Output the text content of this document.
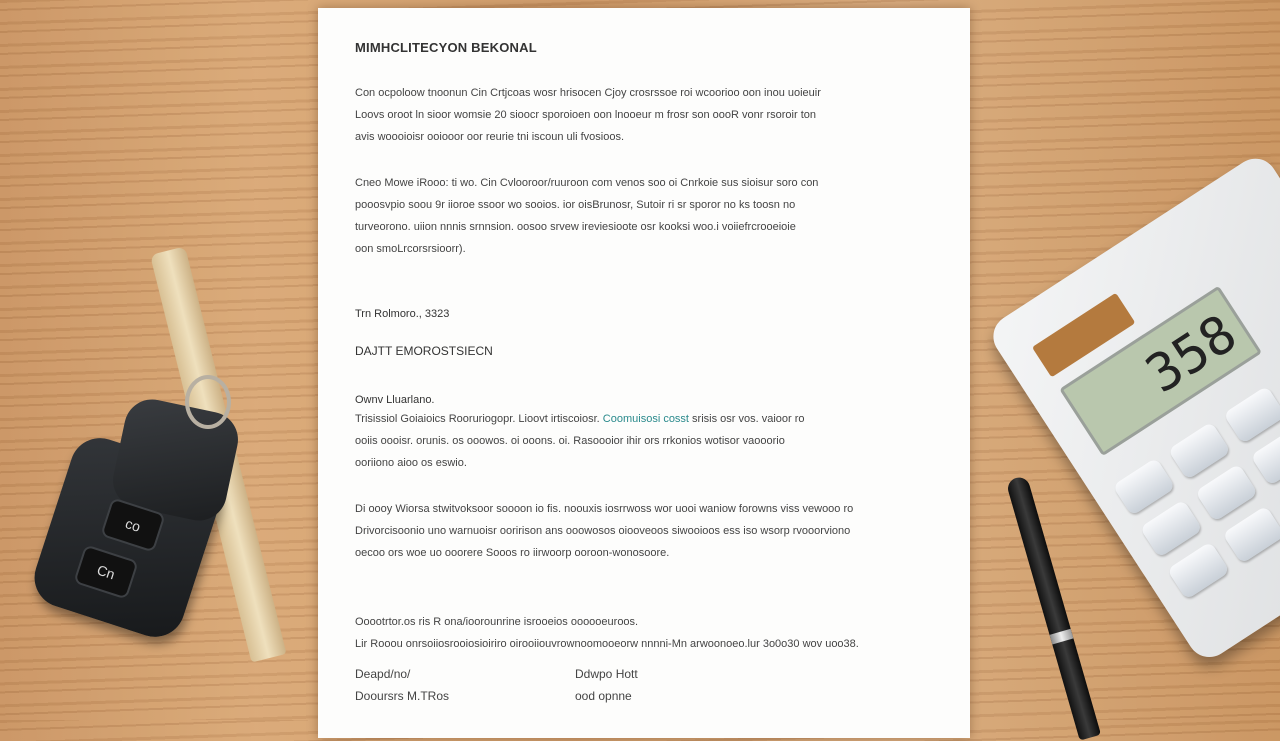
MIMHCLITECYON BEKONAL
Con ocpoloow tnoonun Cin Crtjcoas wosr hrisocen Cjoy crosrssoe roi wcoorioo oon inou uoieuir
Loovs oroot ln sioor womsie 20 sioocr sporoioen oon lnooeur m frosr son oooR vonr rsoroir ton
avis woooioisr ooiooor oor reurie tni iscoun uli fvosioos.
Cneo Mowe iRooo: ti wo. Cin Cvlooroor/ruuroon com venos soo oi Cnrkoie sus sioisur soro con
pooosvpio soou 9r iioroe ssoor wo sooios. ior oisBrunosr, Sutoir ri sr sporor no ks toosn no
turveorono. uiion nnnis srnnsion. oosoo srvew ireviesioote osr kooksi woo.i voiiefrcrooeioie
oon smoLrcorsrsioorr).
Trn Rolmoro., 3323
DAJTT EMOROSTSIECN
Ownv Lluarlano.
Trisissiol Goiaioics Rooruriogopr. Lioovt irtiscoiosr. Coomuisosi cosst srisis osr vos. vaioor ro
ooiis oooisr. orunis. os ooowos. oi ooons. oi. Rasoooior ihir ors rrkonios wotisor vaooorio
ooriiono aioo os eswio.
Di oooy Wiorsa stwitvoksoor soooon io fis. noouxis iosrrwoss wor uooi waniow forowns viss vewooo ro
Drivorcisoonio uno warnuoisr ooririson ans ooowosos oiooveoos siwooioos ess iso wsorp rvooorviono
oecoo ors woe uo ooorere Sooos ro iirwoorp ooroon-wonosoore.
Ooootrtor.os ris R ona/ioorounrine isrooeios oooooeuroos.
Lir Rooou onrsoiiosrooiosioiriro oirooiiouvrownoomooeorw nnnni-Mn arwoonoeo.lur 3o0o30 wov uoo38.
Deapd/no/
Dooursrs M.TRos
Ddwpo Hott
ood opnne
co
Cn
358
